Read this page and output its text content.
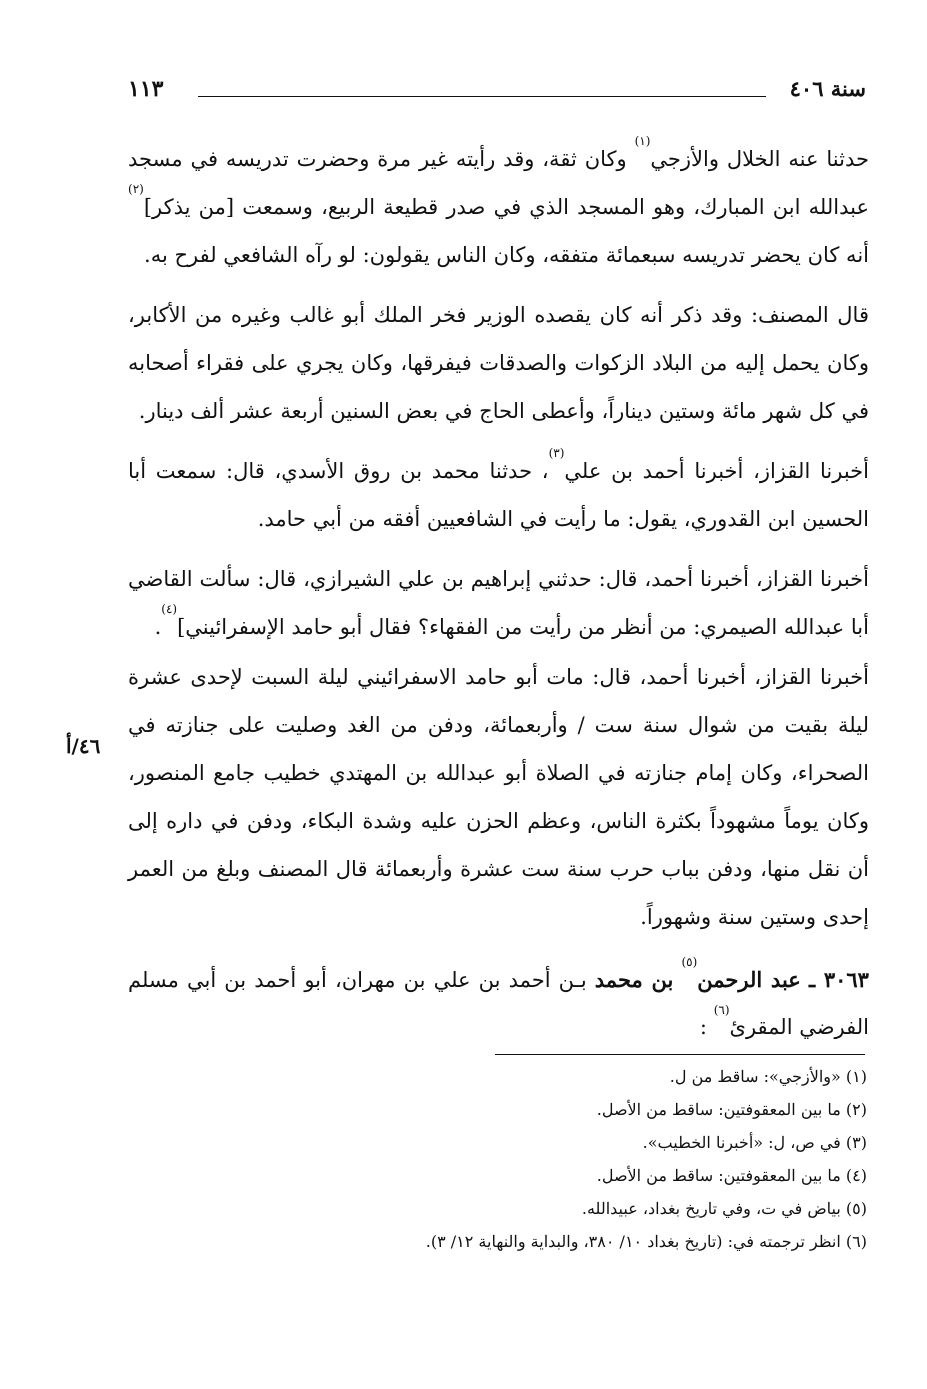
سنة ٤٠٦
١١٣
٤٦/أ

حدثنا عنه الخلال والأزجي$^{(١)}$ وكان ثقة، وقد رأيته غير مرة وحضرت تدريسه في مسجد عبدالله ابن المبارك، وهو المسجد الذي في صدر قطيعة الربيع، وسمعت [من يذكر]$^{(٢)}$ أنه كان يحضر تدريسه سبعمائة متفقه، وكان الناس يقولون: لو رآه الشافعي لفرح به.

قال المصنف: وقد ذكر أنه كان يقصده الوزير فخر الملك أبو غالب وغيره من الأكابر، وكان يحمل إليه من البلاد الزكوات والصدقات فيفرقها، وكان يجري على فقراء أصحابه في كل شهر مائة وستين ديناراً، وأعطى الحاج في بعض السنين أربعة عشر ألف دينار.

أخبرنا القزاز، أخبرنا أحمد بن علي$^{(٣)}$، حدثنا محمد بن روق الأسدي، قال: سمعت أبا الحسين ابن القدوري، يقول: ما رأيت في الشافعيين أفقه من أبي حامد.

أخبرنا القزاز، أخبرنا أحمد، قال: حدثني إبراهيم بن علي الشيرازي، قال: سألت القاضي أبا عبدالله الصيمري: من أنظر من رأيت من الفقهاء؟ فقال أبو حامد الإسفرائيني]$^{(٤)}$.

أخبرنا القزاز، أخبرنا أحمد، قال: مات أبو حامد الاسفرائيني ليلة السبت لإحدى عشرة ليلة بقيت من شوال سنة ست / وأربعمائة، ودفن من الغد وصليت على جنازته في الصحراء، وكان إمام جنازته في الصلاة أبو عبدالله بن المهتدي خطيب جامع المنصور، وكان يوماً مشهوداً بكثرة الناس، وعظم الحزن عليه وشدة البكاء، ودفن في داره إلى أن نقل منها، ودفن بباب حرب سنة ست عشرة وأربعمائة قال المصنف وبلغ من العمر إحدى وستين سنة وشهوراً.

٣٠٦٣ ـ عبد الرحمن$^{(٥)}$ بن محمد بـن أحمد بن علي بن مهران، أبو أحمد بن أبي مسلم الفرضي المقرئ$^{(٦)}$ :
(١) «والأزجي»: ساقط من ل.
(٢) ما بين المعقوفتين: ساقط من الأصل.
(٣) في ص، ل: «أخبرنا الخطيب».
(٤) ما بين المعقوفتين: ساقط من الأصل.
(٥) بياض في ت، وفي تاريخ بغداد، عبيدالله.
(٦) انظر ترجمته في: (تاريخ بغداد ١٠/ ٣٨٠، والبداية والنهاية ١٢/ ٣).
